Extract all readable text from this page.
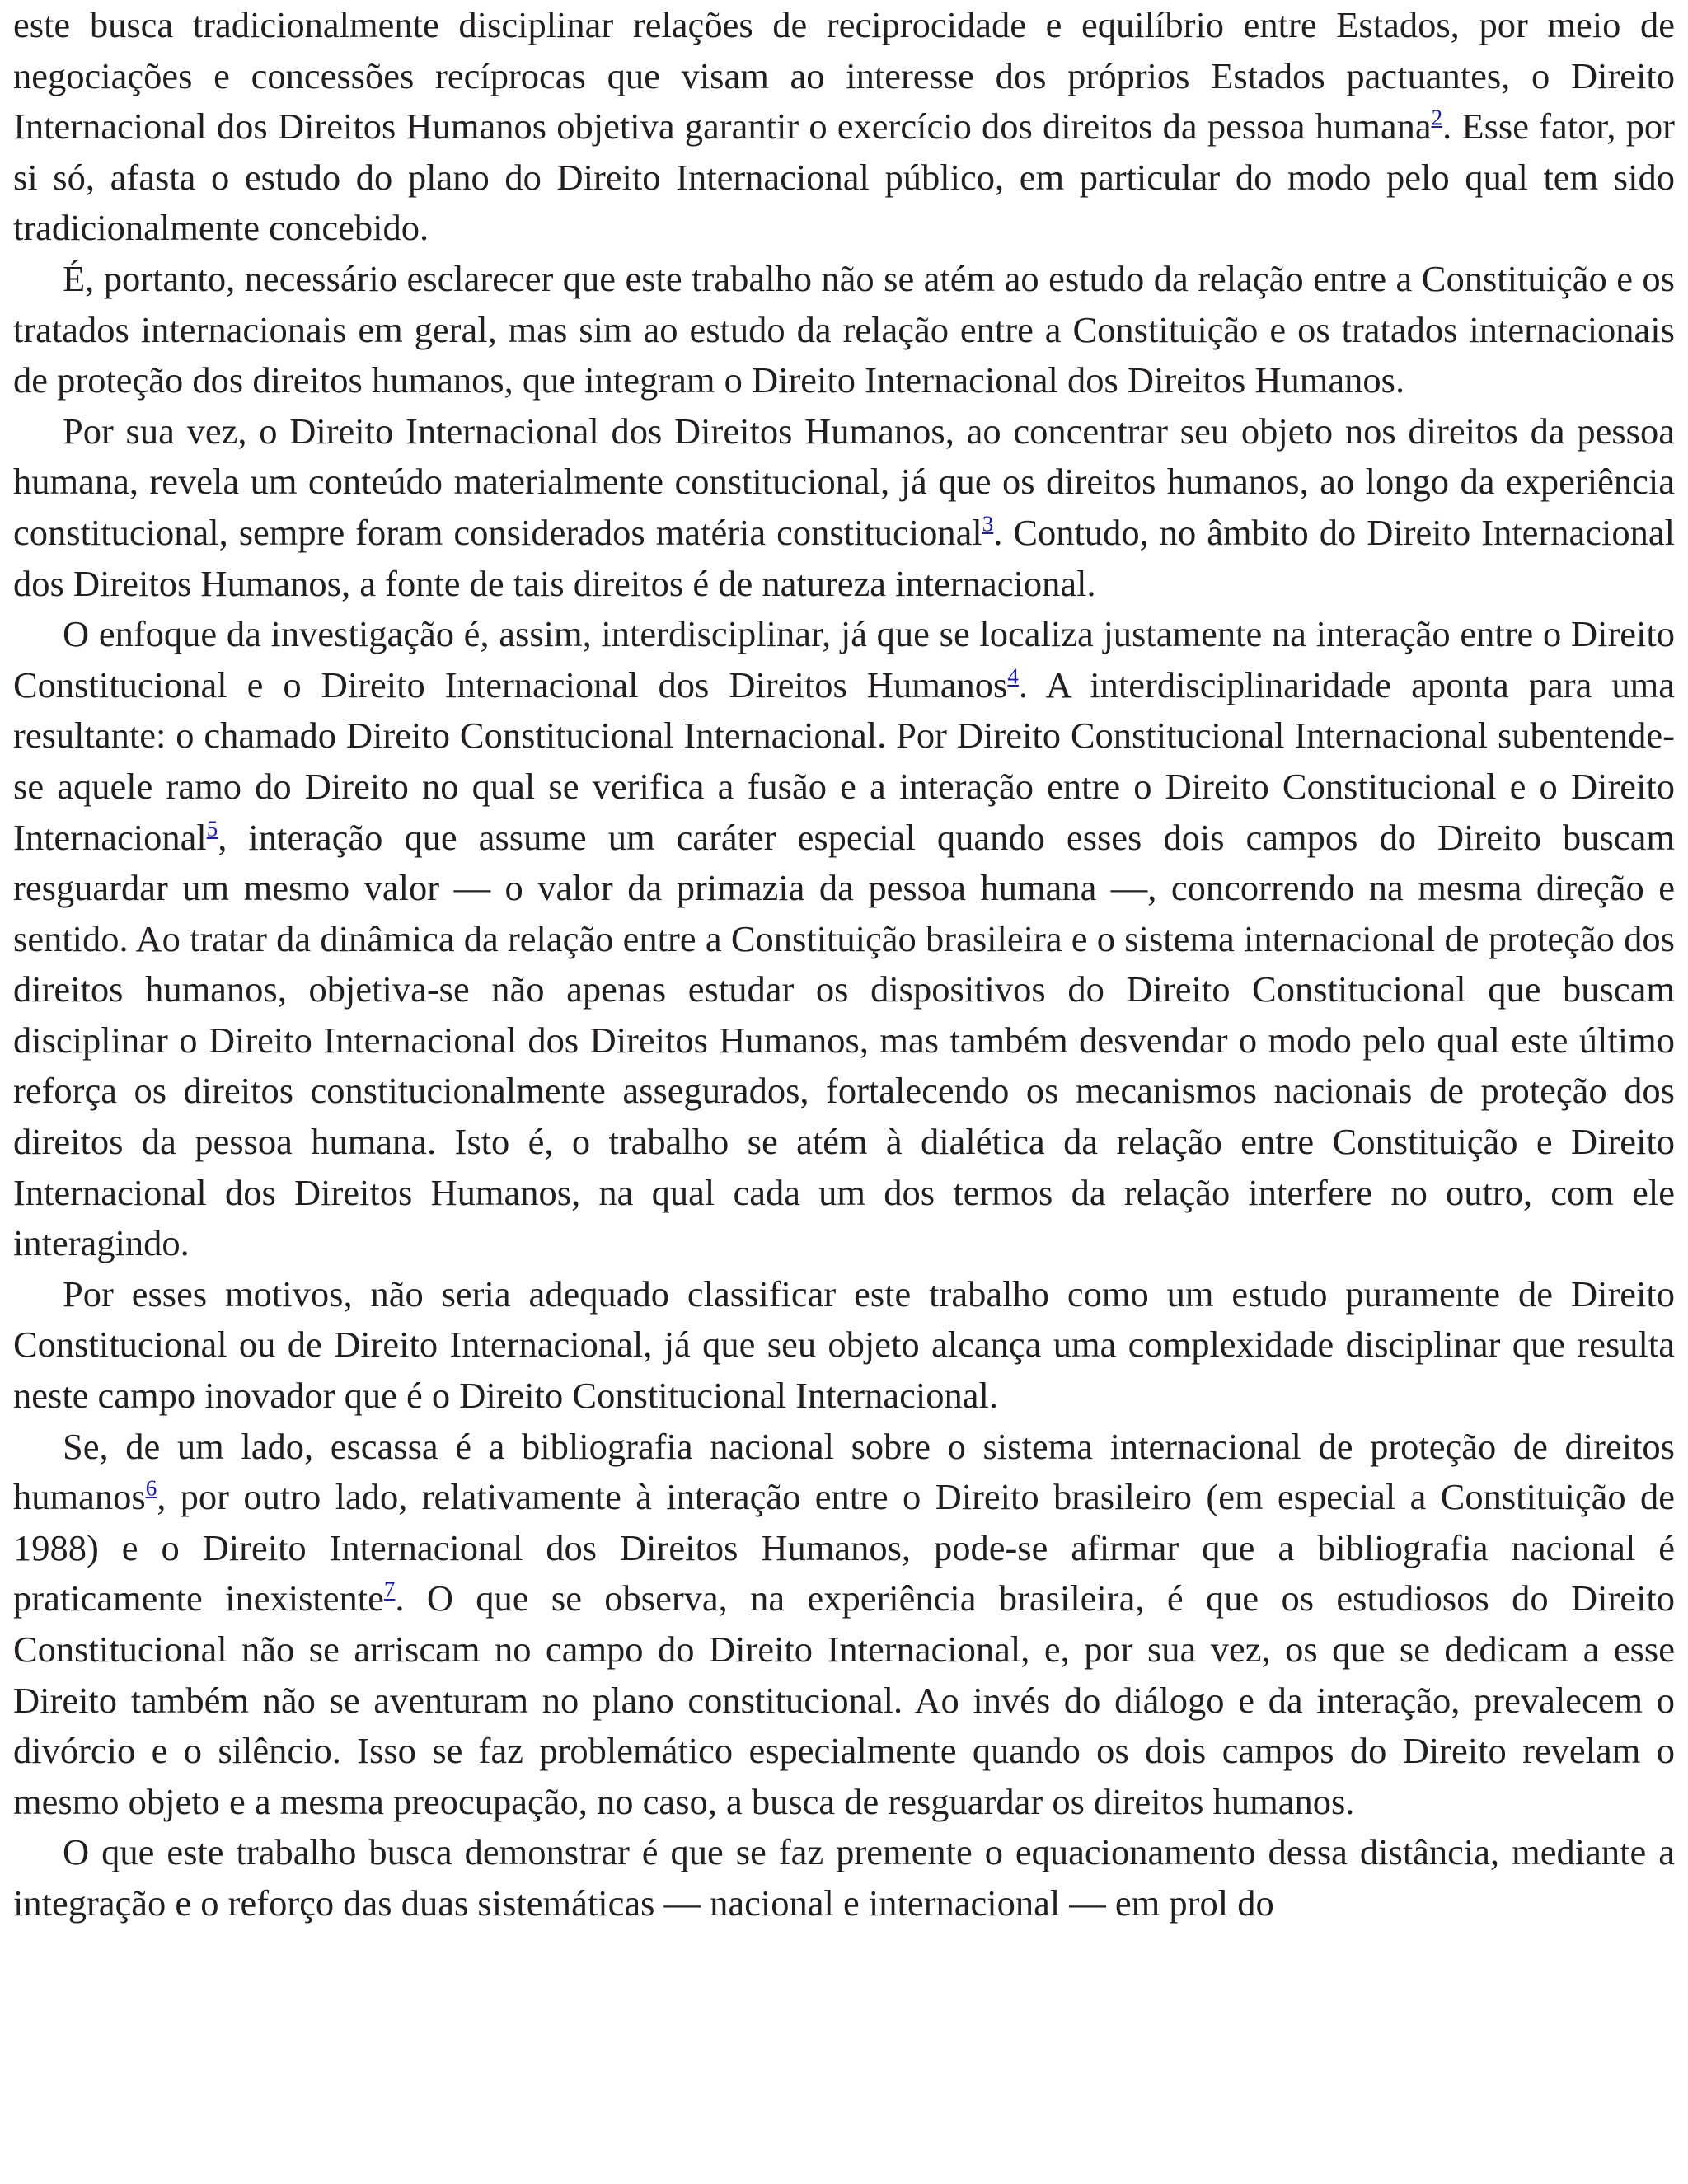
este busca tradicionalmente disciplinar relações de reciprocidade e equilíbrio entre Estados, por meio de negociações e concessões recíprocas que visam ao interesse dos próprios Estados pactuantes, o Direito Internacional dos Direitos Humanos objetiva garantir o exercício dos direitos da pessoa humana$^2$. Esse fator, por si só, afasta o estudo do plano do Direito Internacional público, em particular do modo pelo qual tem sido tradicionalmente concebido.

É, portanto, necessário esclarecer que este trabalho não se atém ao estudo da relação entre a Constituição e os tratados internacionais em geral, mas sim ao estudo da relação entre a Constituição e os tratados internacionais de proteção dos direitos humanos, que integram o Direito Internacional dos Direitos Humanos.

Por sua vez, o Direito Internacional dos Direitos Humanos, ao concentrar seu objeto nos direitos da pessoa humana, revela um conteúdo materialmente constitucional, já que os direitos humanos, ao longo da experiência constitucional, sempre foram considerados matéria constitucional$^3$. Contudo, no âmbito do Direito Internacional dos Direitos Humanos, a fonte de tais direitos é de natureza internacional.

O enfoque da investigação é, assim, interdisciplinar, já que se localiza justamente na interação entre o Direito Constitucional e o Direito Internacional dos Direitos Humanos$^4$. A interdisciplinaridade aponta para uma resultante: o chamado Direito Constitucional Internacional. Por Direito Constitucional Internacional subentende-se aquele ramo do Direito no qual se verifica a fusão e a interação entre o Direito Constitucional e o Direito Internacional$^5$, interação que assume um caráter especial quando esses dois campos do Direito buscam resguardar um mesmo valor — o valor da primazia da pessoa humana —, concorrendo na mesma direção e sentido. Ao tratar da dinâmica da relação entre a Constituição brasileira e o sistema internacional de proteção dos direitos humanos, objetiva-se não apenas estudar os dispositivos do Direito Constitucional que buscam disciplinar o Direito Internacional dos Direitos Humanos, mas também desvendar o modo pelo qual este último reforça os direitos constitucionalmente assegurados, fortalecendo os mecanismos nacionais de proteção dos direitos da pessoa humana. Isto é, o trabalho se atém à dialética da relação entre Constituição e Direito Internacional dos Direitos Humanos, na qual cada um dos termos da relação interfere no outro, com ele interagindo.

Por esses motivos, não seria adequado classificar este trabalho como um estudo puramente de Direito Constitucional ou de Direito Internacional, já que seu objeto alcança uma complexidade disciplinar que resulta neste campo inovador que é o Direito Constitucional Internacional.

Se, de um lado, escassa é a bibliografia nacional sobre o sistema internacional de proteção de direitos humanos$^6$, por outro lado, relativamente à interação entre o Direito brasileiro (em especial a Constituição de 1988) e o Direito Internacional dos Direitos Humanos, pode-se afirmar que a bibliografia nacional é praticamente inexistente$^7$. O que se observa, na experiência brasileira, é que os estudiosos do Direito Constitucional não se arriscam no campo do Direito Internacional, e, por sua vez, os que se dedicam a esse Direito também não se aventuram no plano constitucional. Ao invés do diálogo e da interação, prevalecem o divórcio e o silêncio. Isso se faz problemático especialmente quando os dois campos do Direito revelam o mesmo objeto e a mesma preocupação, no caso, a busca de resguardar os direitos humanos.

O que este trabalho busca demonstrar é que se faz premente o equacionamento dessa distância, mediante a integração e o reforço das duas sistemáticas — nacional e internacional — em prol do
